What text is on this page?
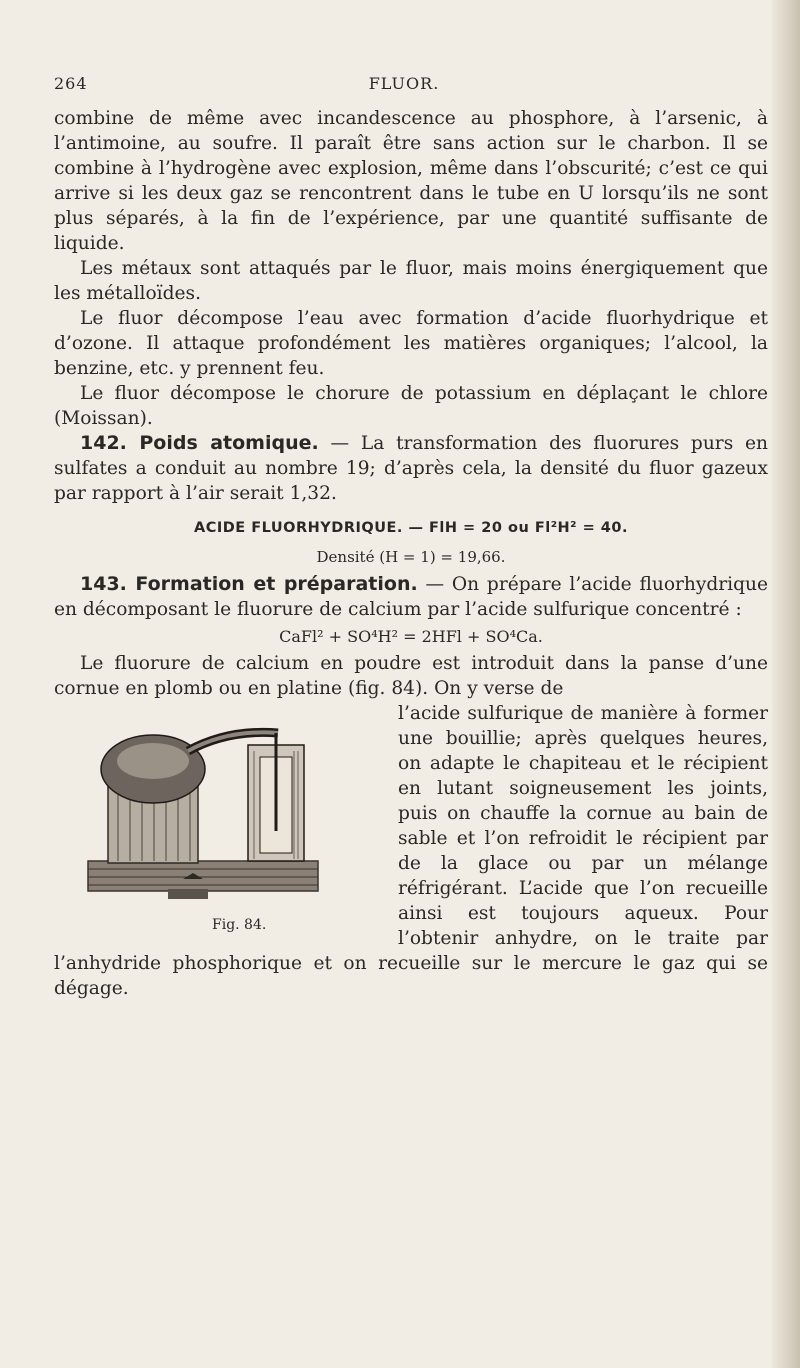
264	FLUOR.

combine de même avec incandescence au phosphore, à l’arsenic, à l’antimoine, au soufre. Il paraît être sans action sur le charbon. Il se combine à l’hydrogène avec explosion, même dans l’obscurité; c’est ce qui arrive si les deux gaz se rencontrent dans le tube en U lorsqu’ils ne sont plus séparés, à la fin de l’expérience, par une quantité suffisante de liquide.

Les métaux sont attaqués par le fluor, mais moins énergiquement que les métalloïdes.

Le fluor décompose l’eau avec formation d’acide fluorhydrique et d’ozone. Il attaque profondément les matières organiques; l’alcool, la benzine, etc. y prennent feu.

Le fluor décompose le chorure de potassium en déplaçant le chlore (Moissan).

142. Poids atomique. — La transformation des fluorures purs en sulfates a conduit au nombre 19; d’après cela, la densité du fluor gazeux par rapport à l’air serait 1,32.

ACIDE FLUORHYDRIQUE. — FlH = 20 ou Fl²H² = 40.
Densité (H = 1) = 19,66.

143. Formation et préparation. — On prépare l’acide fluorhydrique en décomposant le fluorure de calcium par l’acide sulfurique concentré :

CaFl² + SO⁴H² = 2HFl + SO⁴Ca.

Le fluorure de calcium en poudre est introduit dans la panse d’une cornue en plomb ou en platine (fig. 84). On y verse de

Fig. 84.

l’acide sulfurique de manière à former une bouillie; après quelques heures, on adapte le chapiteau et le récipient en lutant soigneusement les joints, puis on chauffe la cornue au bain de sable et l’on refroidit le récipient par de la glace ou par un mélange réfrigérant. L’acide que l’on recueille ainsi est toujours aqueux. Pour l’obtenir anhydre, on le traite par l’anhydride phosphorique et on recueille sur le mercure le gaz qui se dégage.
